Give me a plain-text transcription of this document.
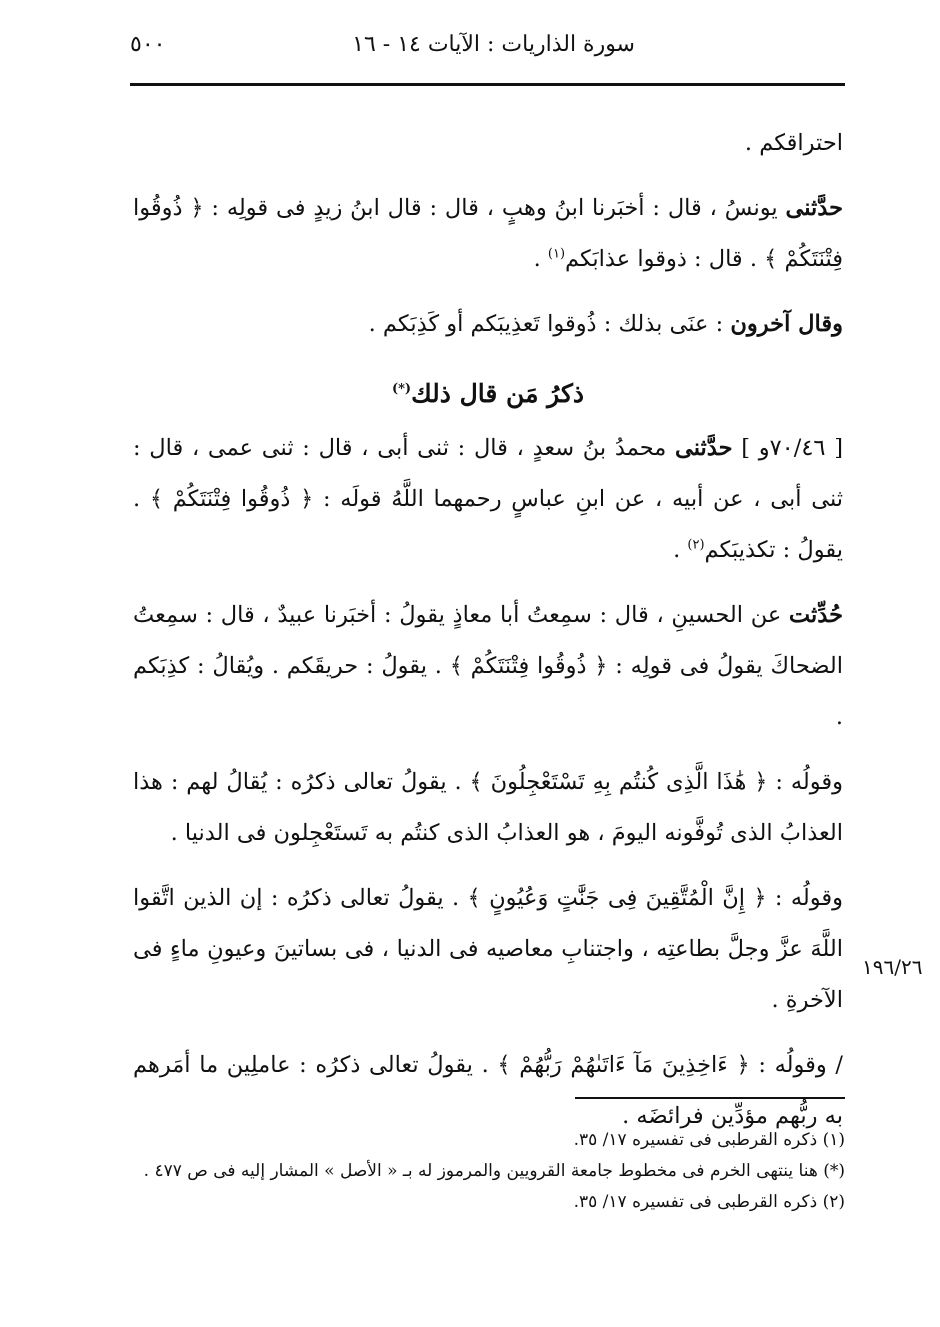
٥٠٠	سورة الذاريات : الآيات ١٤ - ١٦
١٩٦/٢٦

احتراقكم .

حدَّثنى يونسُ ، قال : أخبَرنا ابنُ وهبٍ ، قال : قال ابنُ زيدٍ فى قولِه : ﴿ ذُوقُوا فِتْنَتَكُمْ ﴾ . قال : ذوقوا عذابَكم$^{(١)}$ .

وقال آخرون : عنَى بذلك : ذُوقوا تَعذِيبَكم أو كَذِبَكم .

ذكرُ مَن قال ذلك(*)

[ ٧٠/٤٦و ] حدَّثنى محمدُ بنُ سعدٍ ، قال : ثنى أبى ، قال : ثنى عمى ، قال : ثنى أبى ، عن أبيه ، عن ابنِ عباسٍ رحمهما اللَّهُ قولَه : ﴿ ذُوقُوا فِتْنَتَكُمْ ﴾ . يقولُ : تكذيبَكم$^{(٢)}$ .

حُدِّثت عن الحسينِ ، قال : سمِعتُ أبا معاذٍ يقولُ : أخبَرنا عبيدٌ ، قال : سمِعتُ الضحاكَ يقولُ فى قولِه : ﴿ ذُوقُوا فِتْنَتَكُمْ ﴾ . يقولُ : حريقَكم . ويُقالُ : كذِبَكم .

وقولُه : ﴿ هَٰذَا الَّذِى كُنتُم بِهِ تَسْتَعْجِلُونَ ﴾ . يقولُ تعالى ذكرُه : يُقالُ لهم : هذا العذابُ الذى تُوفَّونه اليومَ ، هو العذابُ الذى كنتُم به تَستَعْجِلون فى الدنيا .

وقولُه : ﴿ إِنَّ الْمُتَّقِينَ فِى جَنَّٰتٍ وَعُيُونٍ ﴾ . يقولُ تعالى ذكرُه : إن الذين اتَّقوا اللَّهَ عزَّ وجلَّ بطاعتِه ، واجتنابِ معاصيه فى الدنيا ، فى بساتينَ وعيونِ ماءٍ فى الآخرةِ .

/ وقولُه : ﴿ ءَاخِذِينَ مَآ ءَاتَىٰهُمْ رَبُّهُمْ ﴾ . يقولُ تعالى ذكرُه : عاملِين ما أمَرهم به ربُّهم مؤدِّين فرائضَه .

(١) ذكره القرطبى فى تفسيره ١٧/ ٣٥.

(*) هنا ينتهى الخرم فى مخطوط جامعة القرويين والمرموز له بـ « الأصل » المشار إليه فى ص ٤٧٧ .

(٢) ذكره القرطبى فى تفسيره ١٧/ ٣٥.
